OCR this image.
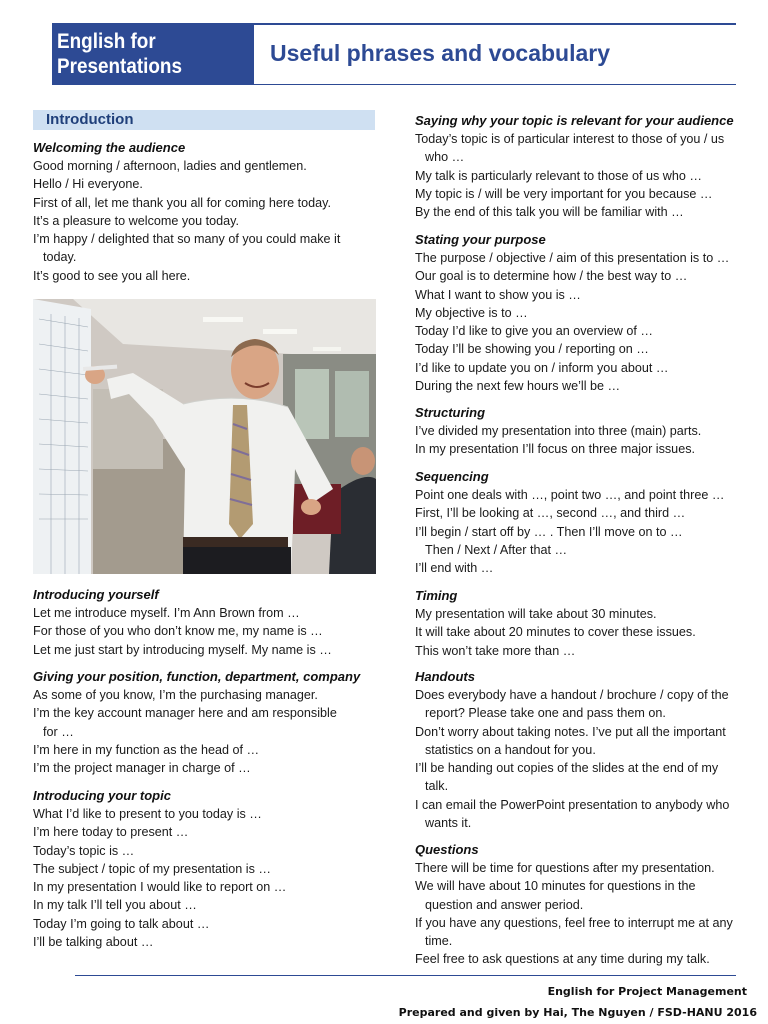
English for
Presentations
Useful phrases and vocabulary
Introduction
Welcoming the audience
Good morning / afternoon, ladies and gentlemen.
Hello / Hi everyone.
First of all, let me thank you all for coming here today.
It’s a pleasure to welcome you today.
I’m happy / delighted that so many of you could make it
today.
It’s good to see you all here.
Introducing yourself
Let me introduce myself. I’m Ann Brown from …
For those of you who don’t know me, my name is …
Let me just start by introducing myself. My name is …
Giving your position, function, department, company
As some of you know, I’m the purchasing manager.
I’m the key account manager here and am responsible
for …
I’m here in my function as the head of …
I’m the project manager in charge of …
Introducing your topic
What I’d like to present to you today is …
I’m here today to present …
Today’s topic is …
The subject / topic of my presentation is …
In my presentation I would like to report on …
In my talk I’ll tell you about …
Today I’m going to talk about …
I’ll be talking about …
Saying why your topic is relevant for your audience
Today’s topic is of particular interest to those of you / us
who …
My talk is particularly relevant to those of us who …
My topic is / will be very important for you because …
By the end of this talk you will be familiar with …
Stating your purpose
The purpose / objective / aim of this presentation is to …
Our goal is to determine how / the best way to …
What I want to show you is …
My objective is to …
Today I’d like to give you an overview of …
Today I’ll be showing you / reporting on …
I’d like to update you on / inform you about …
During the next few hours we’ll be …
Structuring
I’ve divided my presentation into three (main) parts.
In my presentation I’ll focus on three major issues.
Sequencing
Point one deals with …, point two …, and point three …
First, I’ll be looking at …, second …, and third …
I’ll begin / start off by … . Then I’ll move on to …
Then / Next / After that …
I’ll end with …
Timing
My presentation will take about 30 minutes.
It will take about 20 minutes to cover these issues.
This won’t take more than …
Handouts
Does everybody have a handout / brochure / copy of the
report? Please take one and pass them on.
Don’t worry about taking notes. I’ve put all the important
statistics on a handout for you.
I’ll be handing out copies of the slides at the end of my
talk.
I can email the PowerPoint presentation to anybody who
wants it.
Questions
There will be time for questions after my presentation.
We will have about 10 minutes for questions in the
question and answer period.
If you have any questions, feel free to interrupt me at any
time.
Feel free to ask questions at any time during my talk.
English for Project Management
Prepared and given by Hai, The Nguyen / FSD-HANU 2016
